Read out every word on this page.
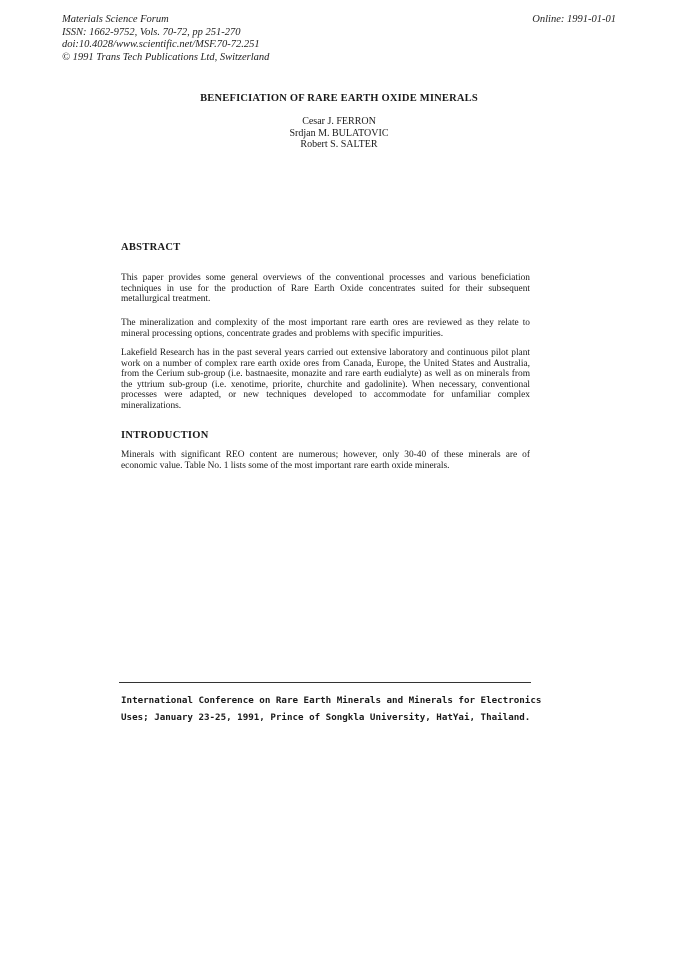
Materials Science Forum
ISSN: 1662-9752, Vols. 70-72, pp 251-270
doi:10.4028/www.scientific.net/MSF.70-72.251
© 1991 Trans Tech Publications Ltd, Switzerland
Online: 1991-01-01
BENEFICIATION OF RARE EARTH OXIDE MINERALS
Cesar J. FERRON
Srdjan M. BULATOVIC
Robert S. SALTER
ABSTRACT

This paper provides some general overviews of the conventional processes and various beneficiation techniques in use for the production of Rare Earth Oxide concentrates suited for their subsequent metallurgical treatment.

The mineralization and complexity of the most important rare earth ores are reviewed as they relate to mineral processing options, concentrate grades and problems with specific impurities.

Lakefield Research has in the past several years carried out extensive laboratory and continuous pilot plant work on a number of complex rare earth oxide ores from Canada, Europe, the United States and Australia, from the Cerium sub-group (i.e. bastnaesite, monazite and rare earth eudialyte) as well as on minerals from the yttrium sub-group (i.e. xenotime, priorite, churchite and gadolinite). When necessary, conventional processes were adapted, or new techniques developed to accommodate for unfamiliar complex mineralizations.

INTRODUCTION

Minerals with significant REO content are numerous; however, only 30-40 of these minerals are of economic value. Table No. 1 lists some of the most important rare earth oxide minerals.

International Conference on Rare Earth Minerals and Minerals for Electronics
Uses; January 23-25, 1991, Prince of Songkla University, HatYai, Thailand.
